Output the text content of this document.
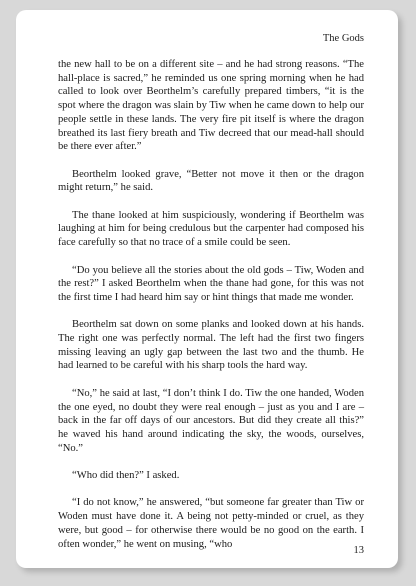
The Gods

the new hall to be on a different site – and he had strong reasons. “The hall-place is sacred,” he reminded us one spring morning when he had called to look over Beorthelm’s carefully prepared timbers, “it is the spot where the dragon was slain by Tiw when he came down to help our people settle in these lands. The very fire pit itself is where the dragon breathed its last fiery breath and Tiw decreed that our mead-hall should be there ever after.”

Beorthelm looked grave, “Better not move it then or the dragon might return,” he said.

The thane looked at him suspiciously, wondering if Beorthelm was laughing at him for being credulous but the carpenter had composed his face carefully so that no trace of a smile could be seen.

“Do you believe all the stories about the old gods – Tiw, Woden and the rest?” I asked Beorthelm when the thane had gone, for this was not the first time I had heard him say or hint things that made me wonder.

Beorthelm sat down on some planks and looked down at his hands. The right one was perfectly normal. The left had the first two fingers missing leaving an ugly gap between the last two and the thumb. He had learned to be careful with his sharp tools the hard way.

“No,” he said at last, “I don’t think I do. Tiw the one handed, Woden the one eyed, no doubt they were real enough – just as you and I are – back in the far off days of our ancestors. But did they create all this?” he waved his hand around indicating the sky, the woods, ourselves, “No.”

“Who did then?” I asked.

“I do not know,” he answered, “but someone far greater than Tiw or Woden must have done it. A being not petty-minded or cruel, as they were, but good – for otherwise there would be no good on the earth. I often wonder,” he went on musing, “who

13
